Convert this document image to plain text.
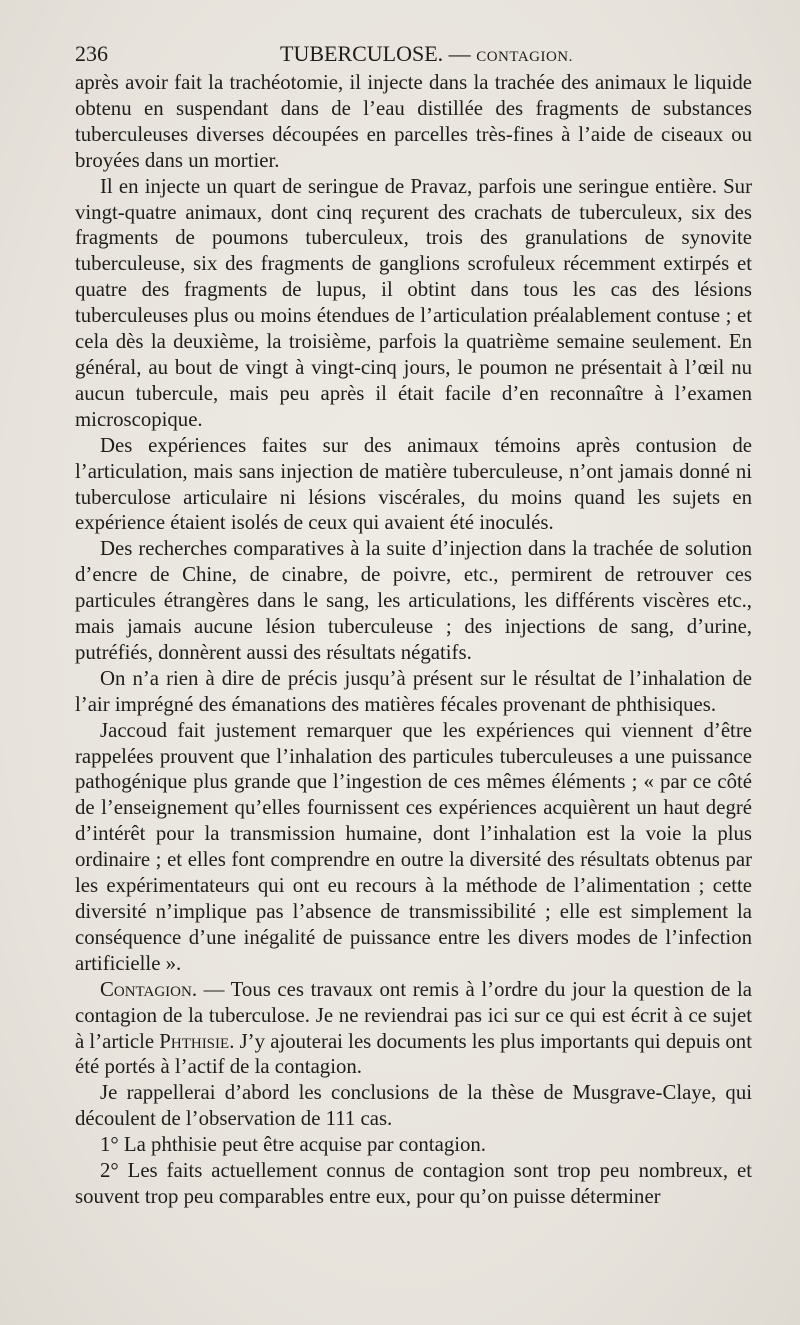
236	TUBERCULOSE. — CONTAGION.

après avoir fait la trachéotomie, il injecte dans la trachée des animaux le liquide obtenu en suspendant dans de l’eau distillée des fragments de substances tuberculeuses diverses découpées en parcelles très-fines à l’aide de ciseaux ou broyées dans un mortier.

Il en injecte un quart de seringue de Pravaz, parfois une seringue entière. Sur vingt-quatre animaux, dont cinq reçurent des crachats de tuberculeux, six des fragments de poumons tuberculeux, trois des granulations de synovite tuberculeuse, six des fragments de ganglions scrofuleux récemment extirpés et quatre des fragments de lupus, il obtint dans tous les cas des lésions tuberculeuses plus ou moins étendues de l’articulation préalablement contuse ; et cela dès la deuxième, la troisième, parfois la quatrième semaine seulement. En général, au bout de vingt à vingt-cinq jours, le poumon ne présentait à l’œil nu aucun tubercule, mais peu après il était facile d’en reconnaître à l’examen microscopique.

Des expériences faites sur des animaux témoins après contusion de l’articulation, mais sans injection de matière tuberculeuse, n’ont jamais donné ni tuberculose articulaire ni lésions viscérales, du moins quand les sujets en expérience étaient isolés de ceux qui avaient été inoculés.

Des recherches comparatives à la suite d’injection dans la trachée de solution d’encre de Chine, de cinabre, de poivre, etc., permirent de retrouver ces particules étrangères dans le sang, les articulations, les différents viscères etc., mais jamais aucune lésion tuberculeuse ; des injections de sang, d’urine, putréfiés, donnèrent aussi des résultats négatifs.

On n’a rien à dire de précis jusqu’à présent sur le résultat de l’inhalation de l’air imprégné des émanations des matières fécales provenant de phthisiques.

Jaccoud fait justement remarquer que les expériences qui viennent d’être rappelées prouvent que l’inhalation des particules tuberculeuses a une puissance pathogénique plus grande que l’ingestion de ces mêmes éléments ; « par ce côté de l’enseignement qu’elles fournissent ces expériences acquièrent un haut degré d’intérêt pour la transmission humaine, dont l’inhalation est la voie la plus ordinaire ; et elles font comprendre en outre la diversité des résultats obtenus par les expérimentateurs qui ont eu recours à la méthode de l’alimentation ; cette diversité n’implique pas l’absence de transmissibilité ; elle est simplement la conséquence d’une inégalité de puissance entre les divers modes de l’infection artificielle ».

Contagion. — Tous ces travaux ont remis à l’ordre du jour la question de la contagion de la tuberculose. Je ne reviendrai pas ici sur ce qui est écrit à ce sujet à l’article Phthisie. J’y ajouterai les documents les plus importants qui depuis ont été portés à l’actif de la contagion.

Je rappellerai d’abord les conclusions de la thèse de Musgrave-Claye, qui découlent de l’observation de 111 cas.

1° La phthisie peut être acquise par contagion.

2° Les faits actuellement connus de contagion sont trop peu nombreux, et souvent trop peu comparables entre eux, pour qu’on puisse déterminer
